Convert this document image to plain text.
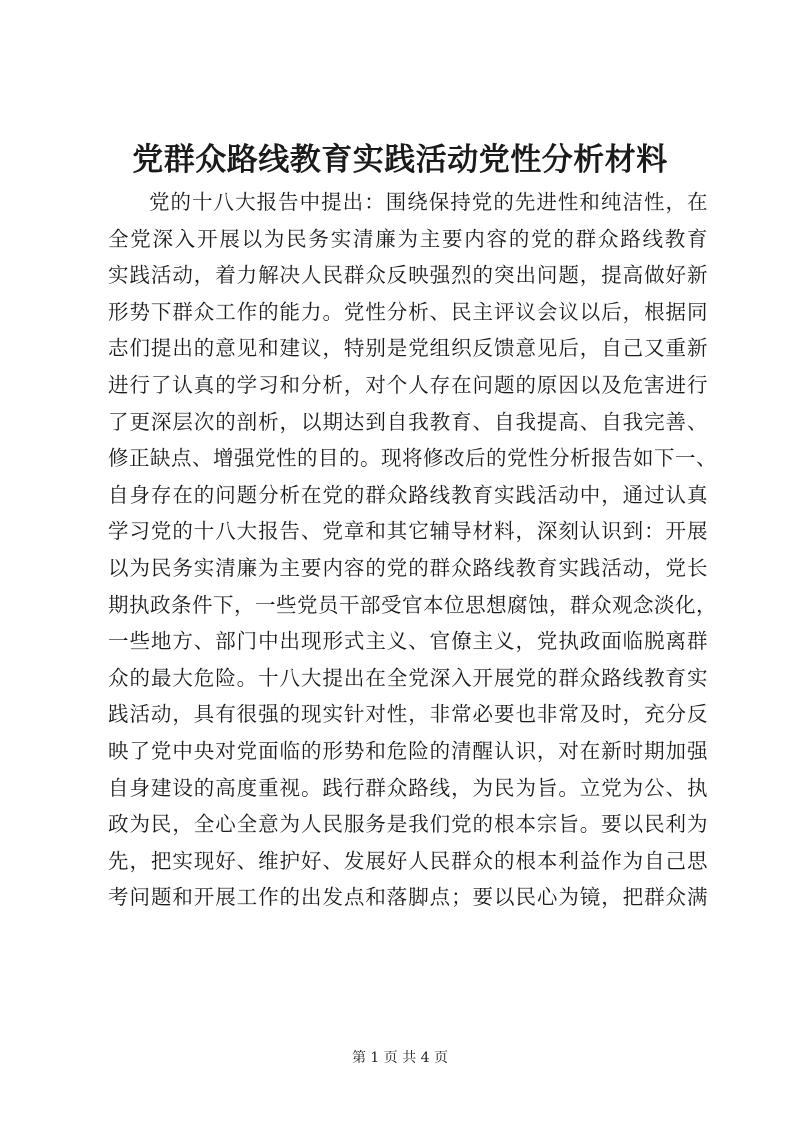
党群众路线教育实践活动党性分析材料
党的十八大报告中提出：围绕保持党的先进性和纯洁性，在
全党深入开展以为民务实清廉为主要内容的党的群众路线教育
实践活动，着力解决人民群众反映强烈的突出问题，提高做好新
形势下群众工作的能力。党性分析、民主评议会议以后，根据同
志们提出的意见和建议，特别是党组织反馈意见后，自己又重新
进行了认真的学习和分析，对个人存在问题的原因以及危害进行
了更深层次的剖析，以期达到自我教育、自我提高、自我完善、
修正缺点、增强党性的目的。现将修改后的党性分析报告如下一、
自身存在的问题分析在党的群众路线教育实践活动中，通过认真
学习党的十八大报告、党章和其它辅导材料，深刻认识到：开展
以为民务实清廉为主要内容的党的群众路线教育实践活动，党长
期执政条件下，一些党员干部受官本位思想腐蚀，群众观念淡化，
一些地方、部门中出现形式主义、官僚主义，党执政面临脱离群
众的最大危险。十八大提出在全党深入开展党的群众路线教育实
践活动，具有很强的现实针对性，非常必要也非常及时，充分反
映了党中央对党面临的形势和危险的清醒认识，对在新时期加强
自身建设的高度重视。践行群众路线，为民为旨。立党为公、执
政为民，全心全意为人民服务是我们党的根本宗旨。要以民利为
先，把实现好、维护好、发展好人民群众的根本利益作为自己思
考问题和开展工作的出发点和落脚点；要以民心为镜，把群众满
第 1 页 共 4 页
